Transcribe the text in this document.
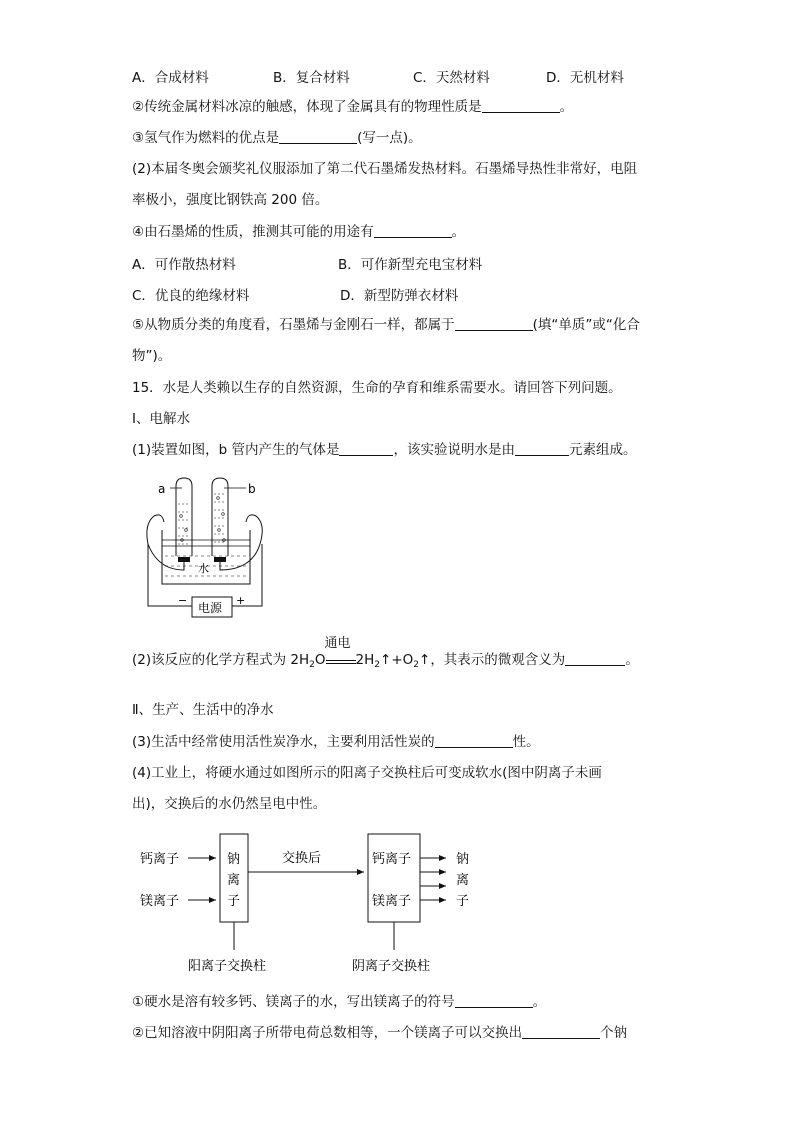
A．合成材料	B．复合材料	C．天然材料	D．无机材料
②传统金属材料冰凉的触感，体现了金属具有的物理性质是	。
③氢气作为燃料的优点是	(写一点)。
(2)本届冬奥会颁奖礼仪服添加了第二代石墨烯发热材料。石墨烯导热性非常好，电阻
率极小，强度比钢铁高 200 倍。
④由石墨烯的性质，推测其可能的用途有	。
A．可作散热材料	B．可作新型充电宝材料
C．优良的绝缘材料	D．新型防弹衣材料
⑤从物质分类的角度看，石墨烯与金刚石一样，都属于	(填“单质”或“化合
物”)。
15．水是人类赖以生存的自然资源，生命的孕育和维系需要水。请回答下列问题。
Ⅰ、电解水
(1)装置如图，b 管内产生的气体是	，该实验说明水是由	元素组成。
a	b
水
−	+
电源
(2)该反应的化学方程式为 $2H_2O$
通电
$2H_2↑+O_2↑$，其表示的微观含义为	。
Ⅱ、生产、生活中的净水
(3)生活中经常使用活性炭净水，主要利用活性炭的	性。
(4)工业上，将硬水通过如图所示的阳离子交换柱后可变成软水(图中阴离子未画
出)，交换后的水仍然呈电中性。
钙离子
镁离子
钠
离
子
阳离子交换柱
交换后	钙离子
镁离子
钠
离
子
阴离子交换柱
①硬水是溶有较多钙、镁离子的水，写出镁离子的符号	。
②已知溶液中阴阳离子所带电荷总数相等，一个镁离子可以交换出	个钠
